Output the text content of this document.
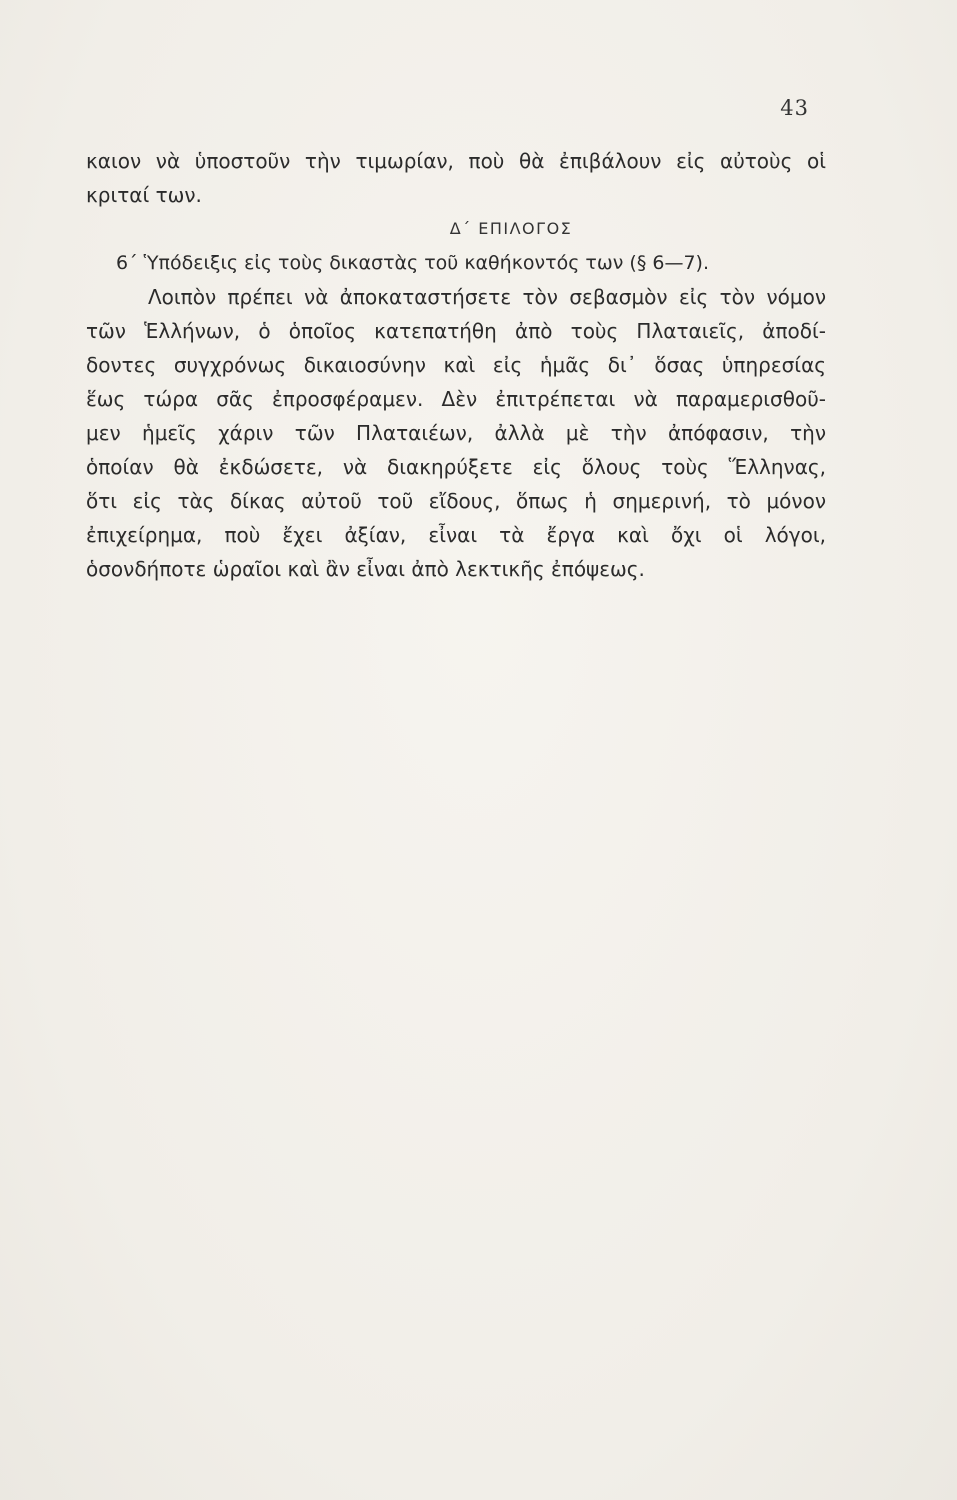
43
καιον νὰ ὑποστοῦν τὴν τιμωρίαν, ποὺ θὰ ἐπιβάλουν εἰς αὐτοὺς οἱ
κριταί των.
Δ΄ ΕΠΙΛΟΓΟΣ
6΄ Ὑπόδειξις εἰς τοὺς δικαστὰς τοῦ καθήκοντός των (§ 6—7).
Λοιπὸν πρέπει νὰ ἀποκαταστήσετε τὸν σεβασμὸν εἰς τὸν νόμον
τῶν Ἑλλήνων, ὁ ὁποῖος κατεπατήθη ἀπὸ τοὺς Πλαταιεῖς, ἀποδί-
δοντες συγχρόνως δικαιοσύνην καὶ εἰς ἡμᾶς δι᾽ ὅσας ὑπηρεσίας
ἕως τώρα σᾶς ἐπροσφέραμεν. Δὲν ἐπιτρέπεται νὰ παραμερισθοῦ-
μεν ἡμεῖς χάριν τῶν Πλαταιέων, ἀλλὰ μὲ τὴν ἀπόφασιν, τὴν
ὁποίαν θὰ ἐκδώσετε, νὰ διακηρύξετε εἰς ὅλους τοὺς Ἕλληνας,
ὅτι εἰς τὰς δίκας αὐτοῦ τοῦ εἴδους, ὅπως ἡ σημερινή, τὸ μόνον
ἐπιχείρημα, ποὺ ἔχει ἀξίαν, εἶναι τὰ ἔργα καὶ ὄχι οἱ λόγοι,
ὁσονδήποτε ὡραῖοι καὶ ἂν εἶναι ἀπὸ λεκτικῆς ἐπόψεως.
